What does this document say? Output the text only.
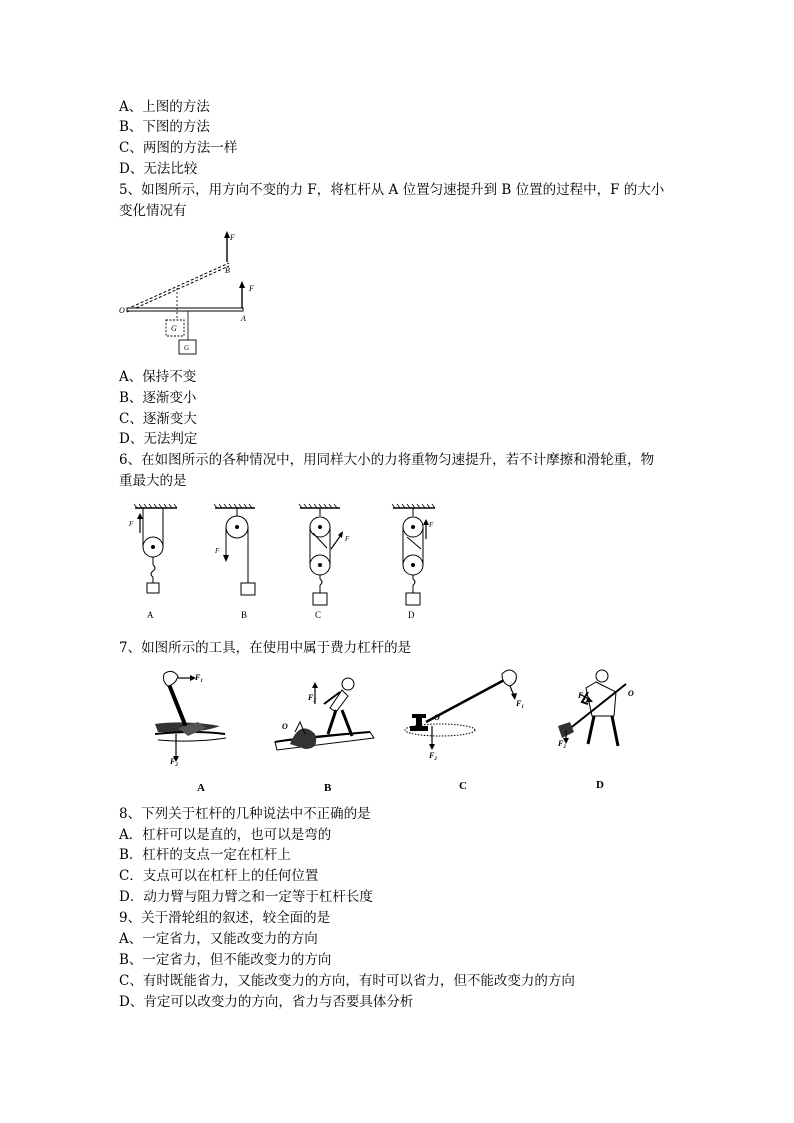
A、上图的方法
B、下图的方法
C、两图的方法一样
D、无法比较
5、如图所示，用方向不变的力 F，将杠杆从 A 位置匀速提升到 B 位置的过程中，F 的大小
变化情况有
F
B
F
O
A
G
G
A、保持不变
B、逐渐变小
C、逐渐变大
D、无法判定
6、在如图所示的各种情况中，用同样大小的力将重物匀速提升，若不计摩擦和滑轮重，物
重最大的是
F
A
F
B
F
C
F
D
7、如图所示的工具，在使用中属于费力杠杆的是
$F_1$
$F_2$
A
$F_2$
O
B
$F_1$
O
$F_2$
C
$F_1$
O
$F_2$
D
8、下列关于杠杆的几种说法中不正确的是
A．杠杆可以是直的，也可以是弯的
B．杠杆的支点一定在杠杆上
C．支点可以在杠杆上的任何位置
D．动力臂与阻力臂之和一定等于杠杆长度
9、关于滑轮组的叙述，较全面的是
A、一定省力，又能改变力的方向
B、一定省力，但不能改变力的方向
C、有时既能省力，又能改变力的方向，有时可以省力，但不能改变力的方向
D、肯定可以改变力的方向，省力与否要具体分析
